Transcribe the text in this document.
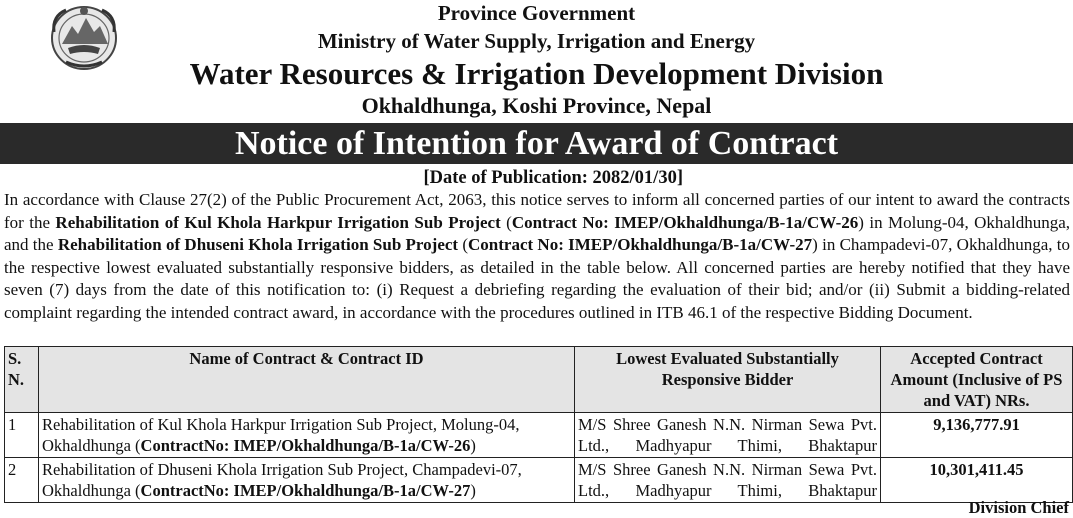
Province Government
Ministry of Water Supply, Irrigation and Energy
Water Resources & Irrigation Development Division
Okhaldhunga, Koshi Province, Nepal
Notice of Intention for Award of Contract
[Date of Publication: 2082/01/30]

In accordance with Clause 27(2) of the Public Procurement Act, 2063, this notice serves to inform all concerned parties of our intent to award the contracts for the Rehabilitation of Kul Khola Harkpur Irrigation Sub Project (Contract No: IMEP/Okhaldhunga/B-1a/CW-26) in Molung-04, Okhaldhunga, and the Rehabilitation of Dhuseni Khola Irrigation Sub Project (Contract No: IMEP/Okhaldhunga/B-1a/CW-27) in Champadevi-07, Okhaldhunga, to the respective lowest evaluated substantially responsive bidders, as detailed in the table below. All concerned parties are hereby notified that they have seven (7) days from the date of this notification to: (i) Request a debriefing regarding the evaluation of their bid; and/or (ii) Submit a bidding-related complaint regarding the intended contract award, in accordance with the procedures outlined in ITB 46.1 of the respective Bidding Document.

S. N.	Name of Contract & Contract ID	Lowest Evaluated Substantially Responsive Bidder	Accepted Contract Amount (Inclusive of PS and VAT) NRs.
1	Rehabilitation of Kul Khola Harkpur Irrigation Sub Project, Molung-04, Okhaldhunga (ContractNo: IMEP/Okhaldhunga/B-1a/CW-26)	M/S Shree Ganesh N.N. Nirman Sewa Pvt. Ltd., Madhyapur Thimi, Bhaktapur	9,136,777.91
2	Rehabilitation of Dhuseni Khola Irrigation Sub Project, Champadevi-07, Okhaldhunga (ContractNo: IMEP/Okhaldhunga/B-1a/CW-27)	M/S Shree Ganesh N.N. Nirman Sewa Pvt. Ltd., Madhyapur Thimi, Bhaktapur	10,301,411.45
Division Chief
